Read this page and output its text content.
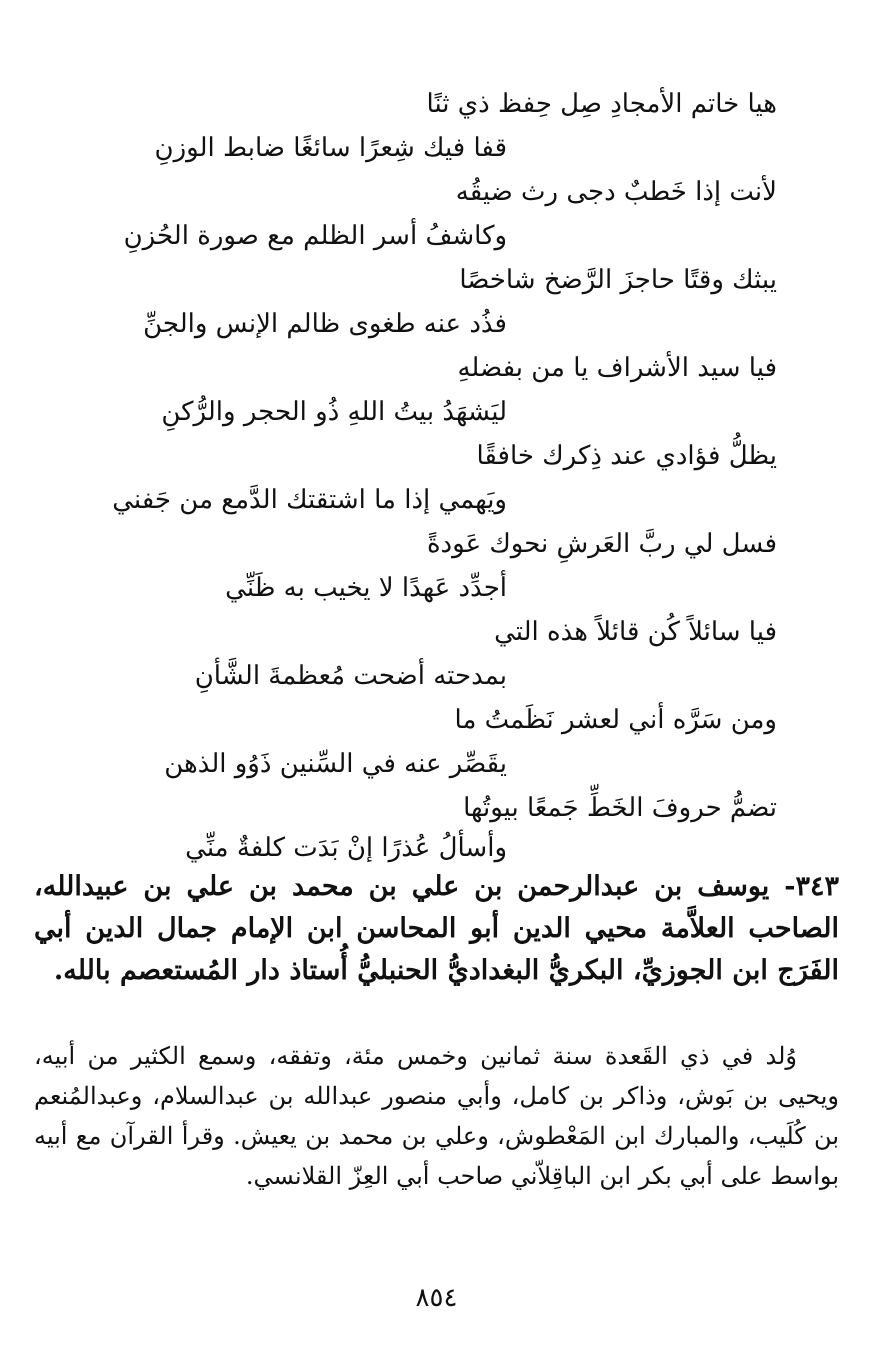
هيا خاتم الأمجادِ صِل حِفظ ذي ثنًا
قفا فيك شِعرًا سائغًا ضابط الوزنِ
لأنت إذا خَطبٌ دجى رث ضيقُه
وكاشفُ أسر الظلم مع صورة الحُزنِ
يبثك وقتًا حاجزَ الرَّضخ شاخصًا
فذُد عنه طغوى ظالم الإنس والجنِّ
فيا سيد الأشراف يا من بفضلهِ
ليَشهَدُ بيتُ اللهِ ذُو الحجر والرُّكنِ
يظلُّ فؤادي عند ذِكرك خافقًا
ويَهمي إذا ما اشتقتك الدَّمع من جَفني
فسل لي ربَّ العَرشِ نحوك عَودةً
أجدِّد عَهدًا لا يخيب به ظَنِّي
فيا سائلاً كُن قائلاً هذه التي
بمدحته أضحت مُعظمةَ الشَّأنِ
ومن سَرَّه أني لعشر نَظَمتُ ما
يقَصِّر عنه في السِّنين ذَوُو الذهن
تضمُّ حروفَ الخَطِّ جَمعًا بيوتُها
وأسألُ عُذرًا إنْ بَدَت كلفةٌ منِّي
٣٤٣- يوسف بن عبدالرحمن بن علي بن محمد بن علي بن عبيدالله، الصاحب العلاَّمة محيي الدين أبو المحاسن ابن الإمام جمال الدين أبي الفَرَج ابن الجوزيِّ، البكريُّ البغداديُّ الحنبليُّ أُستاذ دار المُستعصم بالله.

وُلد في ذي القَعدة سنة ثمانين وخمس مئة، وتفقه، وسمع الكثير من أبيه، ويحيى بن بَوش، وذاكر بن كامل، وأبي منصور عبدالله بن عبدالسلام، وعبدالمُنعم بن كُلَيب، والمبارك ابن المَعْطوش، وعلي بن محمد بن يعيش. وقرأ القرآن مع أبيه بواسط على أبي بكر ابن الباقِلاّني صاحب أبي العِزّ القلانسي.

٨٥٤
